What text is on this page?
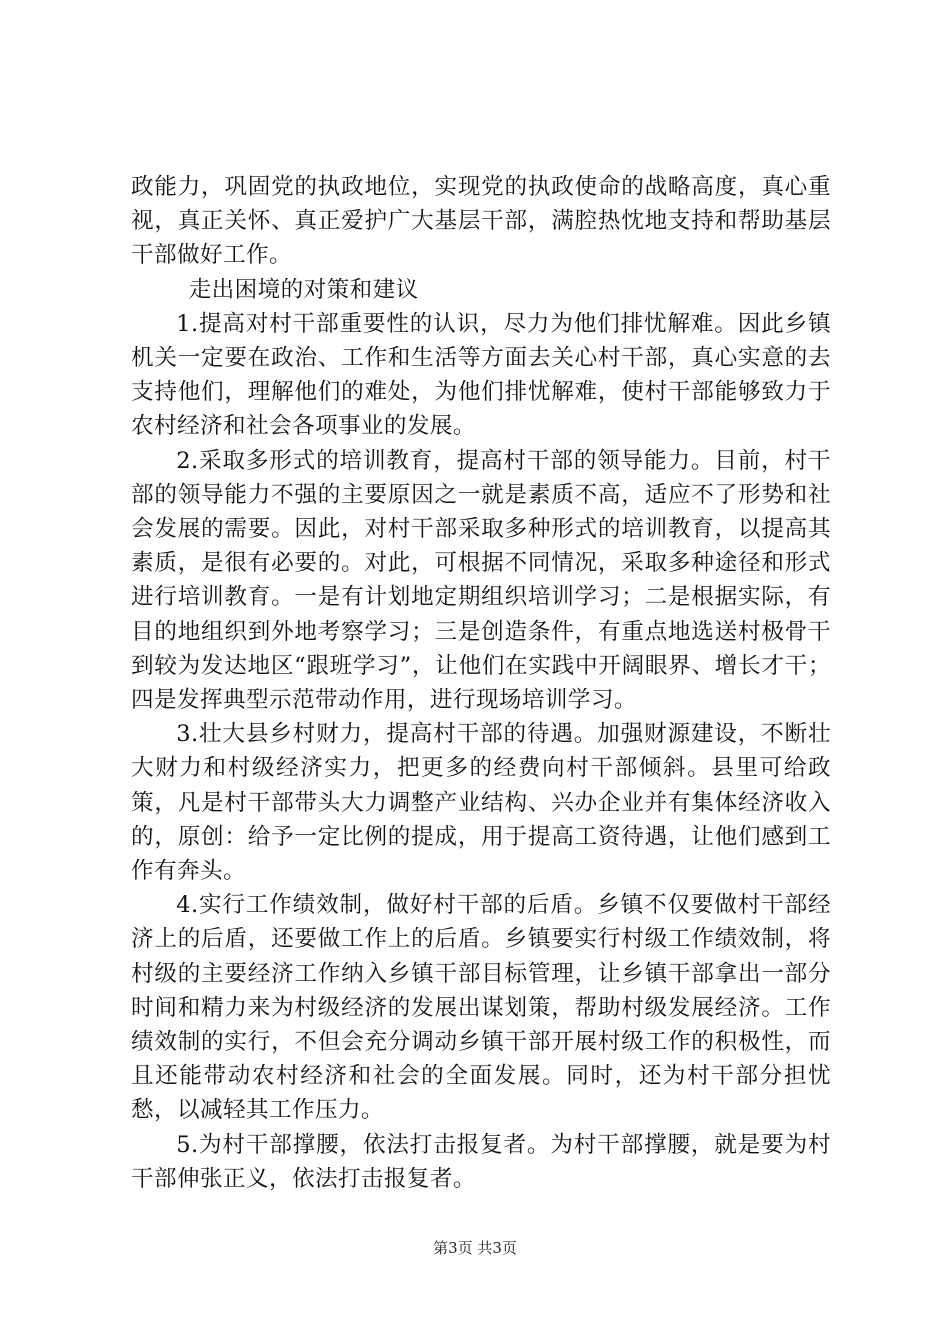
政能力，巩固党的执政地位，实现党的执政使命的战略高度，真心重视，真正关怀、真正爱护广大基层干部，满腔热忱地支持和帮助基层干部做好工作。

走出困境的对策和建议

1.提高对村干部重要性的认识，尽力为他们排忧解难。因此乡镇机关一定要在政治、工作和生活等方面去关心村干部，真心实意的去支持他们，理解他们的难处，为他们排忧解难，使村干部能够致力于农村经济和社会各项事业的发展。

2.采取多形式的培训教育，提高村干部的领导能力。目前，村干部的领导能力不强的主要原因之一就是素质不高，适应不了形势和社会发展的需要。因此，对村干部采取多种形式的培训教育，以提高其素质，是很有必要的。对此，可根据不同情况，采取多种途径和形式进行培训教育。一是有计划地定期组织培训学习；二是根据实际，有目的地组织到外地考察学习；三是创造条件，有重点地选送村极骨干到较为发达地区“跟班学习”，让他们在实践中开阔眼界、增长才干；四是发挥典型示范带动作用，进行现场培训学习。

3.壮大县乡村财力，提高村干部的待遇。加强财源建设，不断壮大财力和村级经济实力，把更多的经费向村干部倾斜。县里可给政策，凡是村干部带头大力调整产业结构、兴办企业并有集体经济收入的，原创：给予一定比例的提成，用于提高工资待遇，让他们感到工作有奔头。

4.实行工作绩效制，做好村干部的后盾。乡镇不仅要做村干部经济上的后盾，还要做工作上的后盾。乡镇要实行村级工作绩效制，将村级的主要经济工作纳入乡镇干部目标管理，让乡镇干部拿出一部分时间和精力来为村级经济的发展出谋划策，帮助村级发展经济。工作绩效制的实行，不但会充分调动乡镇干部开展村级工作的积极性，而且还能带动农村经济和社会的全面发展。同时，还为村干部分担忧愁，以减轻其工作压力。

5.为村干部撑腰，依法打击报复者。为村干部撑腰，就是要为村干部伸张正义，依法打击报复者。

第3页 共3页
